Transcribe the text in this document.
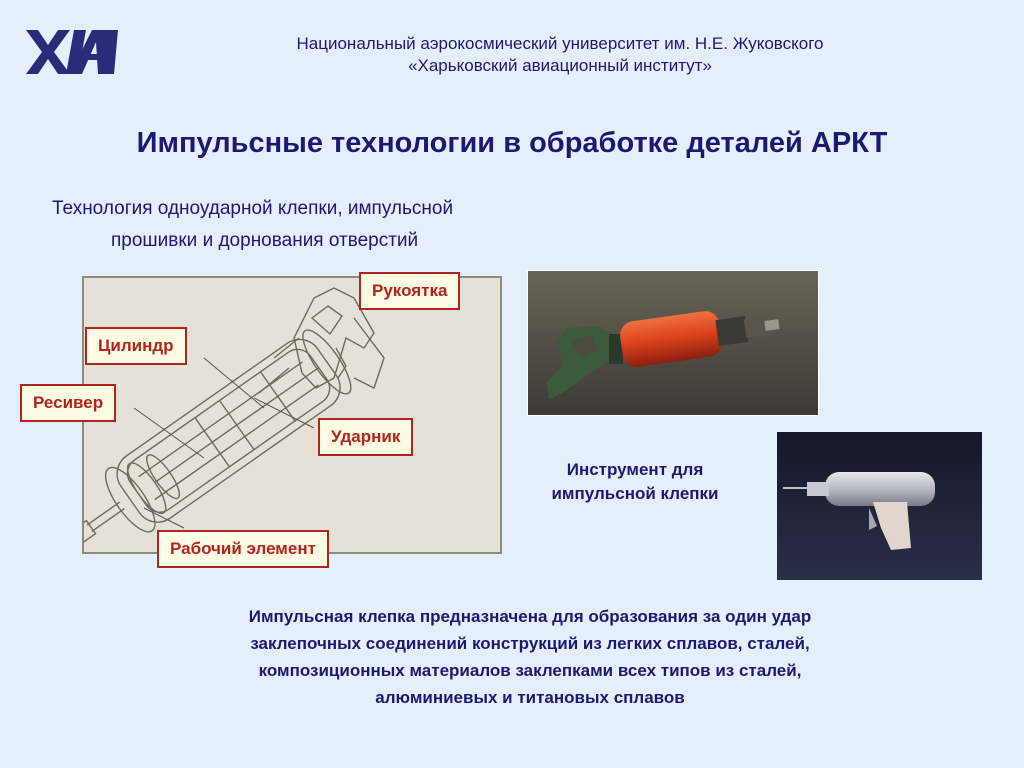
Национальный аэрокосмический университет им. Н.Е. Жуковского
«Харьковский авиационный институт»
Импульсные технологии в обработке деталей АРКТ
Технология одноударной клепки, импульсной
прошивки и дорнования отверстий
Рукоятка
Цилиндр
Ресивер
Ударник
Рабочий элемент
Инструмент для
импульсной клепки
Импульсная клепка предназначена для образования за один удар
заклепочных соединений конструкций из легких сплавов, сталей,
композиционных материалов заклепками всех типов из сталей,
алюминиевых и титановых сплавов
